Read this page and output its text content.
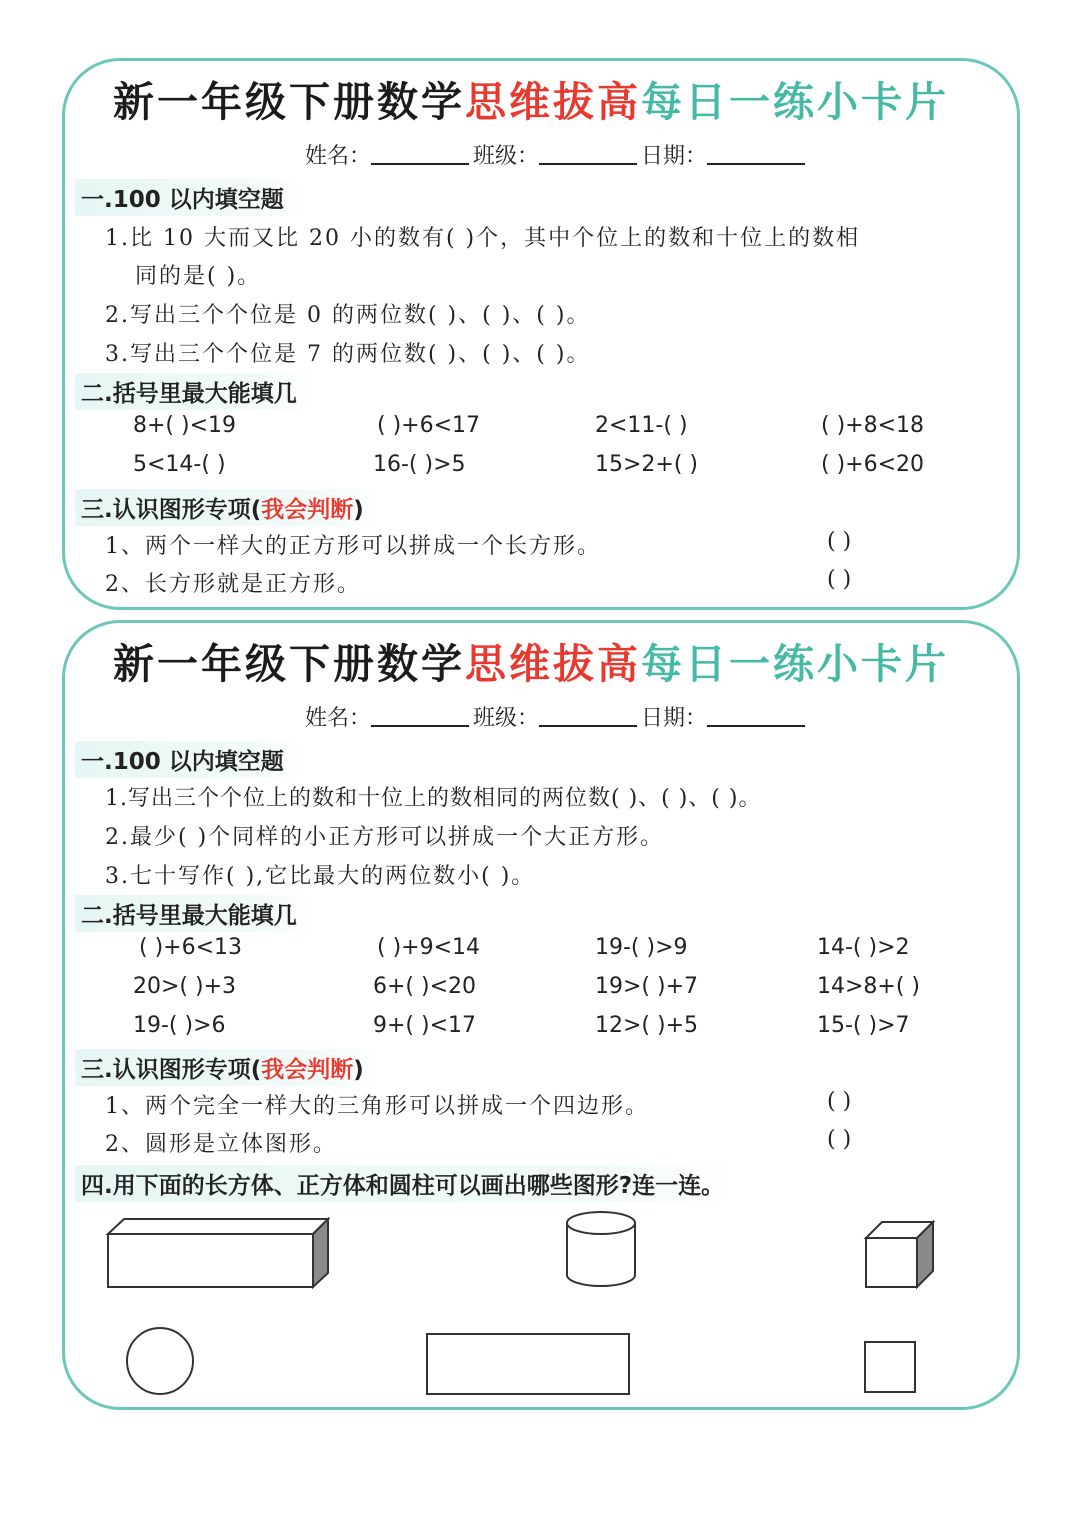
新一年级下册数学思维拔高每日一练小卡片
姓名：	班级：	日期：
一.100 以内填空题
1.比 10 大而又比 20 小的数有( )个，其中个位上的数和十位上的数相
同的是( )。
2.写出三个个位是 0 的两位数( )、( )、( )。
3.写出三个个位是 7 的两位数( )、( )、( )。
二.括号里最大能填几
8+( )<19	( )+6<17	2<11-( )	( )+8<18
5<14-( )	16-( )>5	15>2+( )	( )+6<20
三.认识图形专项(我会判断)
1、两个一样大的正方形可以拼成一个长方形。	( )
2、长方形就是正方形。	( )
新一年级下册数学思维拔高每日一练小卡片
姓名：	班级：	日期：
一.100 以内填空题
1.写出三个个位上的数和十位上的数相同的两位数( )、( )、( )。
2.最少( )个同样的小正方形可以拼成一个大正方形。
3.七十写作( ),它比最大的两位数小( )。
二.括号里最大能填几
( )+6<13	( )+9<14	19-( )>9	14-( )>2
20>( )+3	6+( )<20	19>( )+7	14>8+( )
19-( )>6	9+( )<17	12>( )+5	15-( )>7
三.认识图形专项(我会判断)
1、两个完全一样大的三角形可以拼成一个四边形。	( )
2、圆形是立体图形。	( )
四.用下面的长方体、正方体和圆柱可以画出哪些图形?连一连。
